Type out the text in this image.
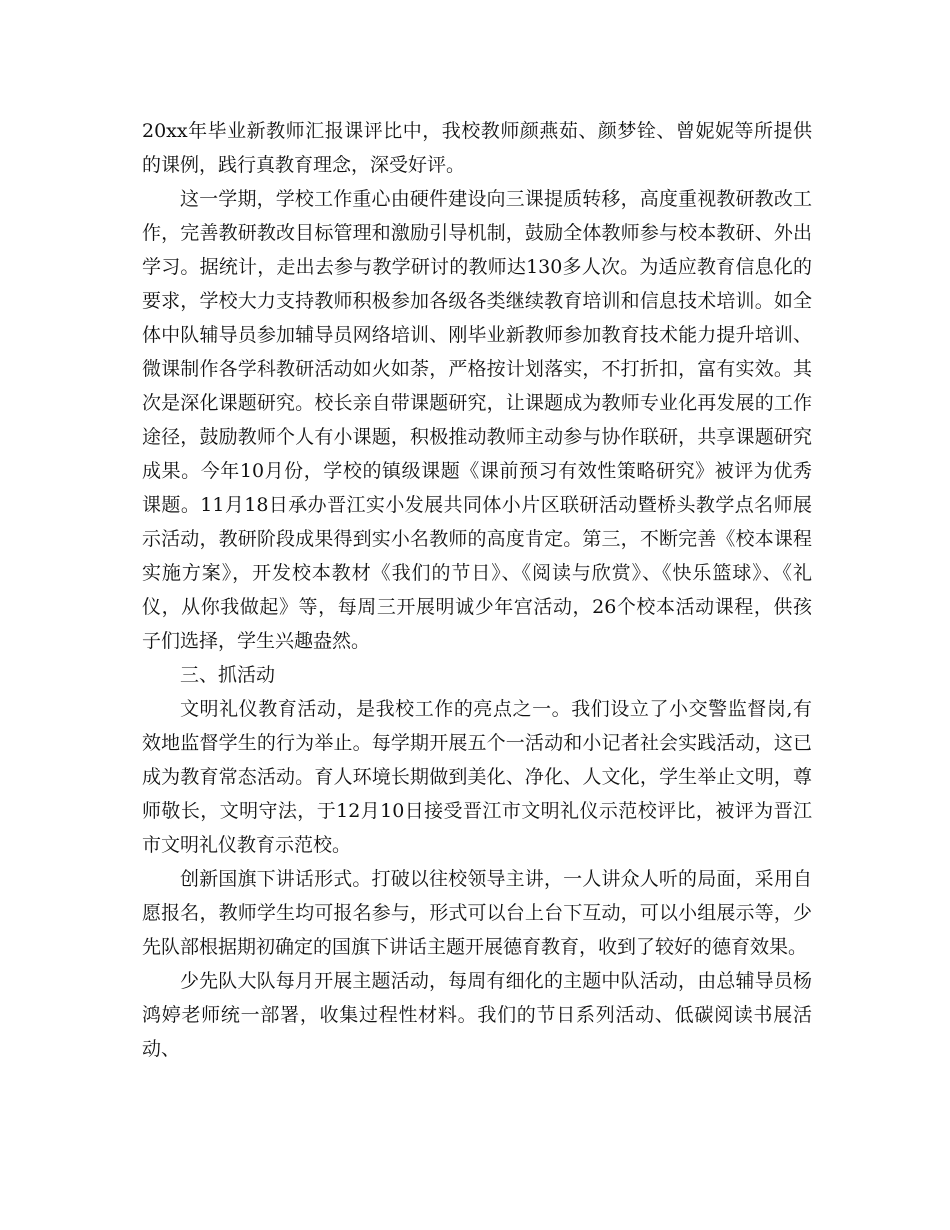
20xx年毕业新教师汇报课评比中，我校教师颜燕茹、颜梦铨、曾妮妮等所提供的课例，践行真教育理念，深受好评。

这一学期，学校工作重心由硬件建设向三课提质转移，高度重视教研教改工作，完善教研教改目标管理和激励引导机制，鼓励全体教师参与校本教研、外出学习。据统计，走出去参与教学研讨的教师达130多人次。为适应教育信息化的要求，学校大力支持教师积极参加各级各类继续教育培训和信息技术培训。如全体中队辅导员参加辅导员网络培训、刚毕业新教师参加教育技术能力提升培训、微课制作各学科教研活动如火如荼，严格按计划落实，不打折扣，富有实效。其次是深化课题研究。校长亲自带课题研究，让课题成为教师专业化再发展的工作途径，鼓励教师个人有小课题，积极推动教师主动参与协作联研，共享课题研究成果。今年10月份，学校的镇级课题《课前预习有效性策略研究》被评为优秀课题。11月18日承办晋江实小发展共同体小片区联研活动暨桥头教学点名师展示活动，教研阶段成果得到实小名教师的高度肯定。第三，不断完善《校本课程实施方案》，开发校本教材《我们的节日》、《阅读与欣赏》、《快乐篮球》、《礼仪，从你我做起》等，每周三开展明诚少年宫活动，26个校本活动课程，供孩子们选择，学生兴趣盎然。

三、抓活动

文明礼仪教育活动，是我校工作的亮点之一。我们设立了小交警监督岗,有效地监督学生的行为举止。每学期开展五个一活动和小记者社会实践活动，这已成为教育常态活动。育人环境长期做到美化、净化、人文化，学生举止文明，尊师敬长，文明守法，于12月10日接受晋江市文明礼仪示范校评比，被评为晋江市文明礼仪教育示范校。

创新国旗下讲话形式。打破以往校领导主讲，一人讲众人听的局面，采用自愿报名，教师学生均可报名参与，形式可以台上台下互动，可以小组展示等，少先队部根据期初确定的国旗下讲话主题开展德育教育，收到了较好的德育效果。

少先队大队每月开展主题活动，每周有细化的主题中队活动，由总辅导员杨鸿婷老师统一部署，收集过程性材料。我们的节日系列活动、低碳阅读书展活动、
